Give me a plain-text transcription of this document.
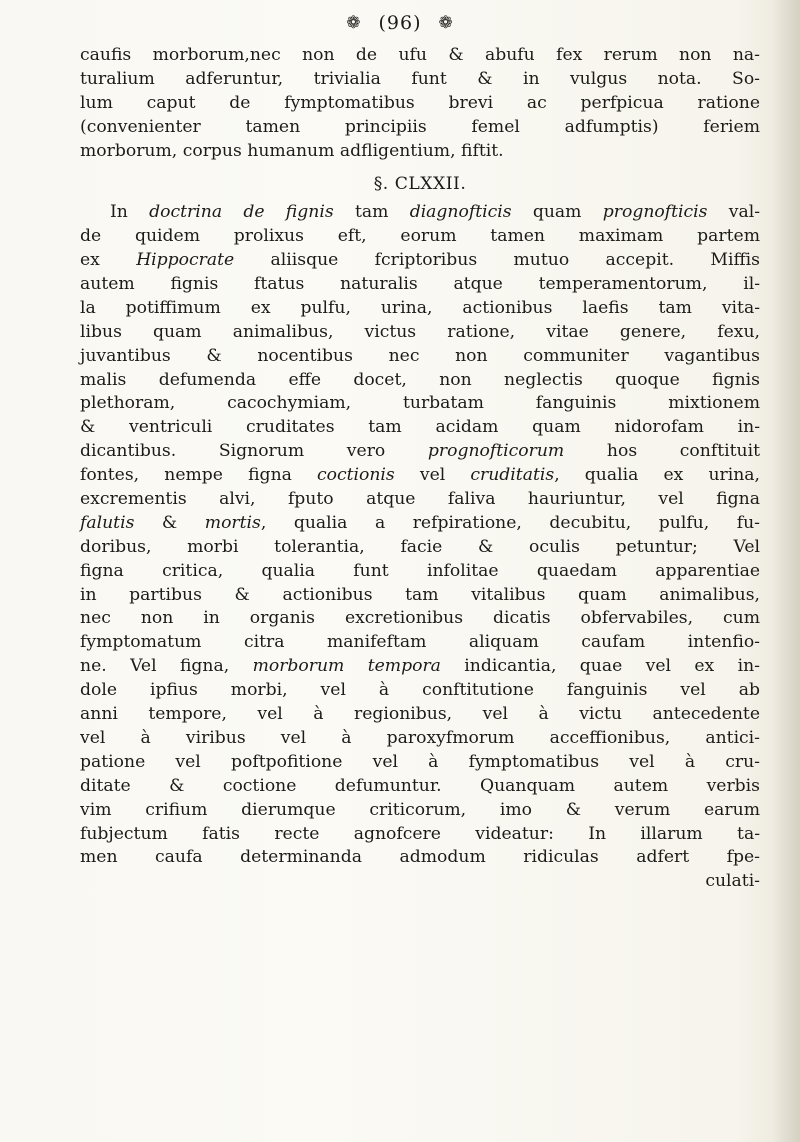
❁ (96) ❁
caufis morborum,nec non de ufu & abufu fex rerum non na-
turalium adferuntur, trivialia funt & in vulgus nota. So-
lum caput de fymptomatibus brevi ac perfpicua ratione
(convenienter tamen principiis femel adfumptis) feriem
morborum, corpus humanum adfligentium, fiftit.
§. CLXXII.
In doctrina de fignis tam diagnofticis quam prognofticis val-
de quidem prolixus eft, eorum tamen maximam partem
ex Hippocrate aliisque fcriptoribus mutuo accepit. Miffis
autem fignis ftatus naturalis atque temperamentorum, il-
la potiffimum ex pulfu, urina, actionibus laefis tam vita-
libus quam animalibus, victus ratione, vitae genere, fexu,
juvantibus & nocentibus nec non communiter vagantibus
malis defumenda effe docet, non neglectis quoque fignis
plethoram, cacochymiam, turbatam fanguinis mixtionem
& ventriculi cruditates tam acidam quam nidorofam in-
dicantibus. Signorum vero prognofticorum hos conftituit
fontes, nempe figna coctionis vel cruditatis, qualia ex urina,
excrementis alvi, fputo atque faliva hauriuntur, vel figna
falutis & mortis, qualia a refpiratione, decubitu, pulfu, fu-
doribus, morbi tolerantia, facie & oculis petuntur; Vel
figna critica, qualia funt infolitae quaedam apparentiae
in partibus & actionibus tam vitalibus quam animalibus,
nec non in organis excretionibus dicatis obfervabiles, cum
fymptomatum citra manifeftam aliquam caufam intenfio-
ne. Vel figna, morborum tempora indicantia, quae vel ex in-
dole ipfius morbi, vel à conftitutione fanguinis vel ab
anni tempore, vel à regionibus, vel à victu antecedente
vel à viribus vel à paroxyfmorum acceffionibus, antici-
patione vel poftpofitione vel à fymptomatibus vel à cru-
ditate & coctione defumuntur. Quanquam autem verbis
vim crifium dierumque criticorum, imo & verum earum
fubjectum fatis recte agnofcere videatur: In illarum ta-
men caufa determinanda admodum ridiculas adfert fpe-
culati-
